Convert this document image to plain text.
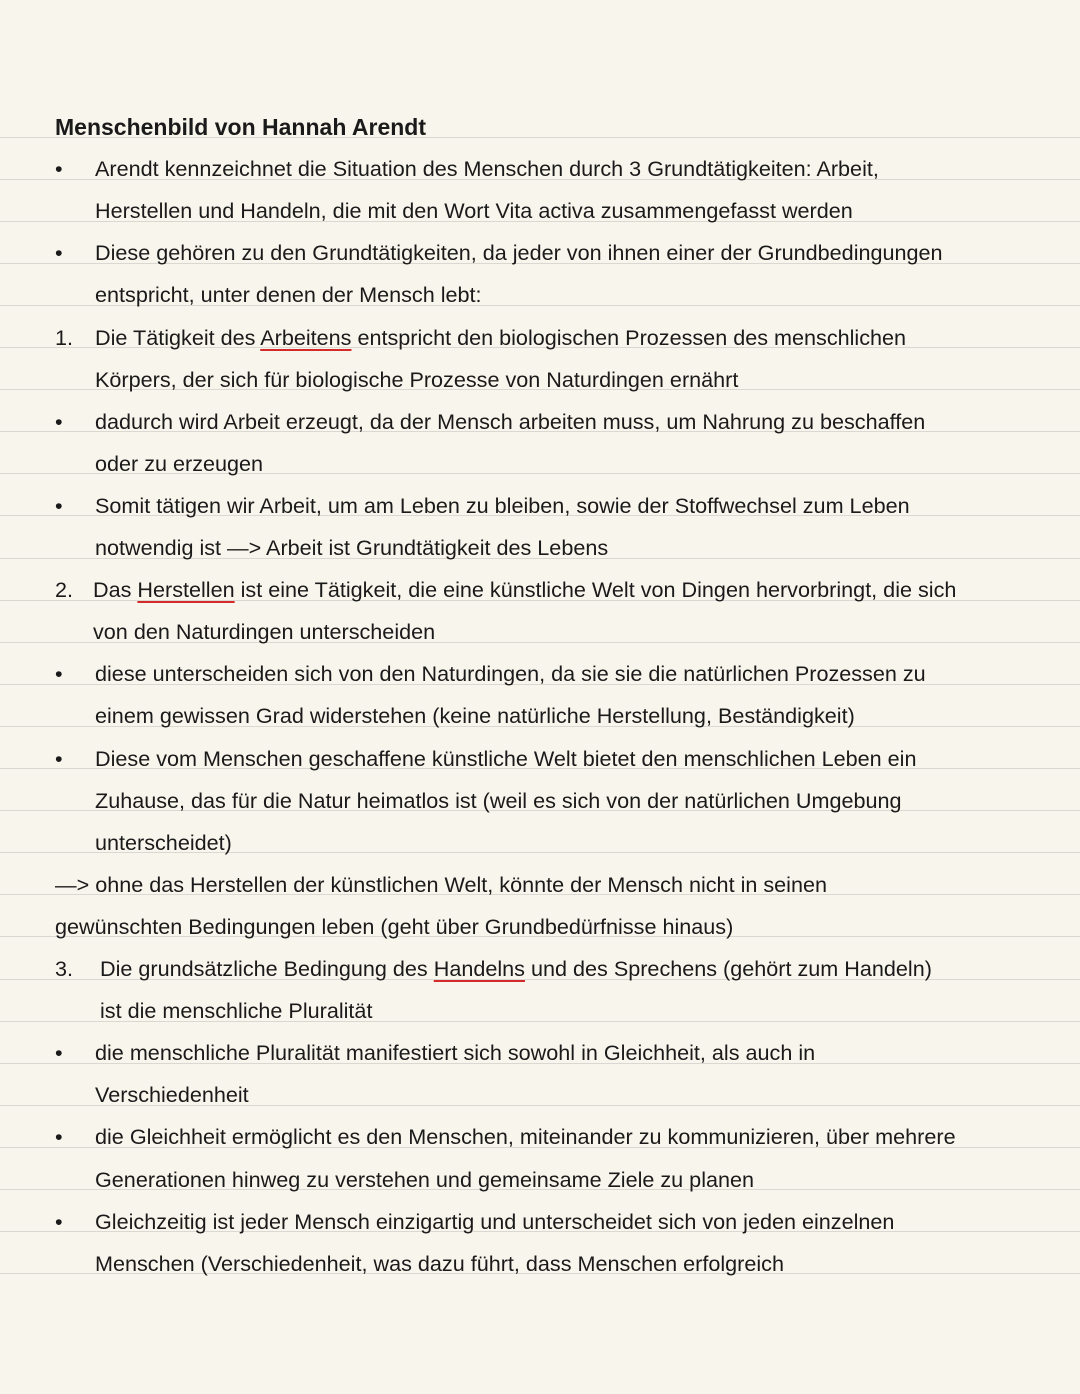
Menschenbild von Hannah Arendt
• Arendt kennzeichnet die Situation des Menschen durch 3 Grundtätigkeiten: Arbeit,
Herstellen und Handeln, die mit den Wort Vita activa zusammengefasst werden
• Diese gehören zu den Grundtätigkeiten, da jeder von ihnen einer der Grundbedingungen
entspricht, unter denen der Mensch lebt:
1. Die Tätigkeit des Arbeitens entspricht den biologischen Prozessen des menschlichen
Körpers, der sich für biologische Prozesse von Naturdingen ernährt
• dadurch wird Arbeit erzeugt, da der Mensch arbeiten muss, um Nahrung zu beschaffen
oder zu erzeugen
• Somit tätigen wir Arbeit, um am Leben zu bleiben, sowie der Stoffwechsel zum Leben
notwendig ist —> Arbeit ist Grundtätigkeit des Lebens
2. Das Herstellen ist eine Tätigkeit, die eine künstliche Welt von Dingen hervorbringt, die sich
von den Naturdingen unterscheiden
• diese unterscheiden sich von den Naturdingen, da sie sie die natürlichen Prozessen zu
einem gewissen Grad widerstehen (keine natürliche Herstellung, Beständigkeit)
• Diese vom Menschen geschaffene künstliche Welt bietet den menschlichen Leben ein
Zuhause, das für die Natur heimatlos ist (weil es sich von der natürlichen Umgebung
unterscheidet)
—> ohne das Herstellen der künstlichen Welt, könnte der Mensch nicht in seinen
gewünschten Bedingungen leben (geht über Grundbedürfnisse hinaus)
3. Die grundsätzliche Bedingung des Handelns und des Sprechens (gehört zum Handeln)
ist die menschliche Pluralität
• die menschliche Pluralität manifestiert sich sowohl in Gleichheit, als auch in
Verschiedenheit
• die Gleichheit ermöglicht es den Menschen, miteinander zu kommunizieren, über mehrere
Generationen hinweg zu verstehen und gemeinsame Ziele zu planen
• Gleichzeitig ist jeder Mensch einzigartig und unterscheidet sich von jeden einzelnen
Menschen (Verschiedenheit, was dazu führt, dass Menschen erfolgreich
